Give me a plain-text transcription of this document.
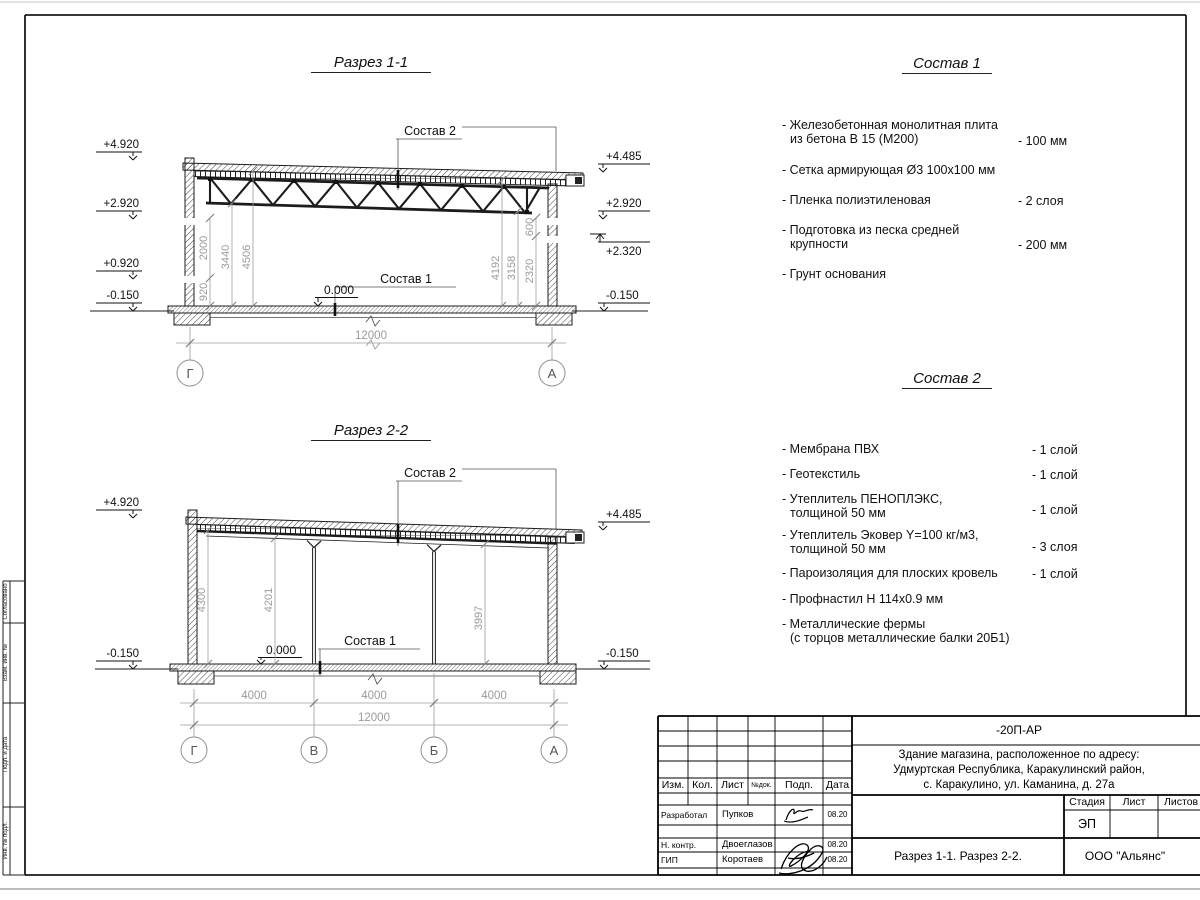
Состав 2
Состав 1
0.000
+4.920
+2.920
+0.920
-0.150
+4.485
+2.920
+2.320
-0.150
920
2000 3440 4506	4192 3158 2320
600
12000
Г	А
Состав 2
Состав 1
0.000
+4.920
-0.150
+4.485
-0.150
4300	4201
3997
4000	4000	4000
12000
Г	В	Б	А
Разрез 1-1
Разрез 2-2
Состав 1
Состав 2
- Железобетонная монолитная плита
из бетона В 15 (М200)	- 100 мм
- Сетка армирующая Ø3 100х100 мм
- Пленка полиэтиленовая	- 2 слоя
- Подготовка из песка средней
крупности	- 200 мм
- Грунт основания
- Мембрана ПВХ	- 1 слой
- Геотекстиль	- 1 слой
- Утеплитель ПЕНОПЛЭКС,
толщиной 50 мм	- 1 слой
- Утеплитель Эковер Y=100 кг/м3,
толщиной 50 мм	- 3 слоя
- Пароизоляция для плоских кровель	- 1 слой
- Профнастил Н 114х0.9 мм
- Металлические фермы
(с торцов металлические балки 20Б1)
Изм. Кол. Лист	№док.	Подп.	Дата
Разработал	Пупков	08.20
Н. контр.	Двоеглазов	08.20
ГИП	Коротаев	08.20
-20П-АР
Здание магазина, расположенное по адресу:
Удмуртская Республика, Каракулинский район,
с. Каракулино, ул. Каманина, д. 27а
Стадия	Лист	Листов
ЭП
Разрез 1-1. Разрез 2-2.	ООО "Альянс"
Согласовано
Взам. инв. №
Подп. и дата
Инв. № подл.
